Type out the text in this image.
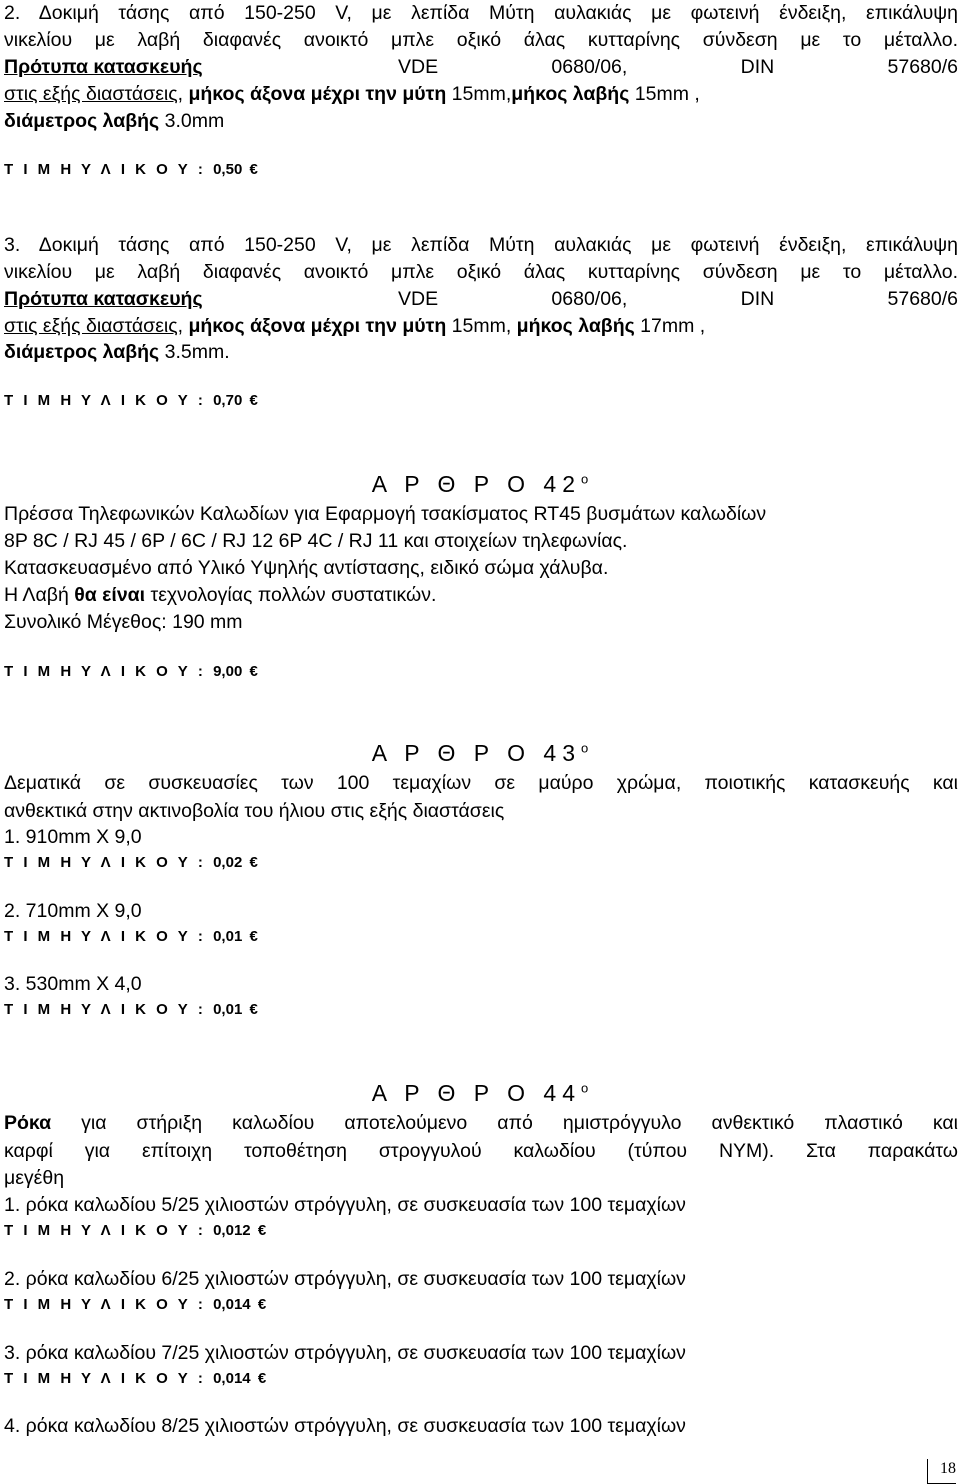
2. Δοκιμή τάσης από 150-250 V, με λεπίδα Μύτη αυλακιάς με φωτεινή ένδειξη, επικάλυψη
νικελίου με λαβή διαφανές ανοικτό μπλε οξικό άλας κυτταρίνης σύνδεση με το μέταλλο.
Πρότυπα κατασκευής	VDE 0680/06, DIN 57680/6
στις εξής διαστάσεις, μήκος άξονα μέχρι την μύτη 15mm,μήκος λαβής 15mm ,
διάμετρος λαβής 3.0mm
Τ Ι Μ Η Υ Λ Ι Κ Ο Υ : 0,50 €
3. Δοκιμή τάσης από 150-250 V, με λεπίδα Μύτη αυλακιάς με φωτεινή ένδειξη, επικάλυψη
νικελίου με λαβή διαφανές ανοικτό μπλε οξικό άλας κυτταρίνης σύνδεση με το μέταλλο.
Πρότυπα κατασκευής	VDE 0680/06, DIN 57680/6
στις εξής διαστάσεις, μήκος άξονα μέχρι την μύτη 15mm, μήκος λαβής 17mm ,
διάμετρος λαβής 3.5mm.
Τ Ι Μ Η Υ Λ Ι Κ Ο Υ : 0,70 €
Α Ρ Θ Ρ Ο $42^o$
Πρέσσα Τηλεφωνικών Καλωδίων για Εφαρμογή τσακίσματος RT45 βυσμάτων καλωδίων
8P 8C / RJ 45 / 6P / 6C / RJ 12 6P 4C / RJ 11 και στοιχείων τηλεφωνίας.
Κατασκευασμένο από Υλικό Υψηλής αντίστασης, ειδικό σώμα χάλυβα.
Η Λαβή θα είναι τεχνολογίας πολλών συστατικών.
Συνολικό Μέγεθος: 190 mm
Τ Ι Μ Η Υ Λ Ι Κ Ο Υ : 9,00 €
Α Ρ Θ Ρ Ο $43^o$
Δεματικά σε συσκευασίες των 100 τεμαχίων σε μαύρο χρώμα, ποιοτικής κατασκευής και
ανθεκτικά στην ακτινοβολία του ήλιου στις εξής διαστάσεις
1. 910mm X 9,0
Τ Ι Μ Η Υ Λ Ι Κ Ο Υ : 0,02 €
2. 710mm X 9,0
Τ Ι Μ Η Υ Λ Ι Κ Ο Υ : 0,01 €
3. 530mm X 4,0
Τ Ι Μ Η Υ Λ Ι Κ Ο Υ : 0,01 €
Α Ρ Θ Ρ Ο $44^o$
Ρόκα για στήριξη καλωδίου αποτελούμενο από ημιστρόγγυλο ανθεκτικό πλαστικό και
καρφί για επίτοιχη τοποθέτηση στρογγυλού καλωδίου (τύπου ΝΥΜ). Στα παρακάτω
μεγέθη
1. ρόκα καλωδίου 5/25 χιλιοστών στρόγγυλη, σε συσκευασία των 100 τεμαχίων
Τ Ι Μ Η Υ Λ Ι Κ Ο Υ : 0,012 €
2. ρόκα καλωδίου 6/25 χιλιοστών στρόγγυλη, σε συσκευασία των 100 τεμαχίων
Τ Ι Μ Η Υ Λ Ι Κ Ο Υ : 0,014 €
3. ρόκα καλωδίου 7/25 χιλιοστών στρόγγυλη, σε συσκευασία των 100 τεμαχίων
Τ Ι Μ Η Υ Λ Ι Κ Ο Υ : 0,014 €
4. ρόκα καλωδίου 8/25 χιλιοστών στρόγγυλη, σε συσκευασία των 100 τεμαχίων
18
